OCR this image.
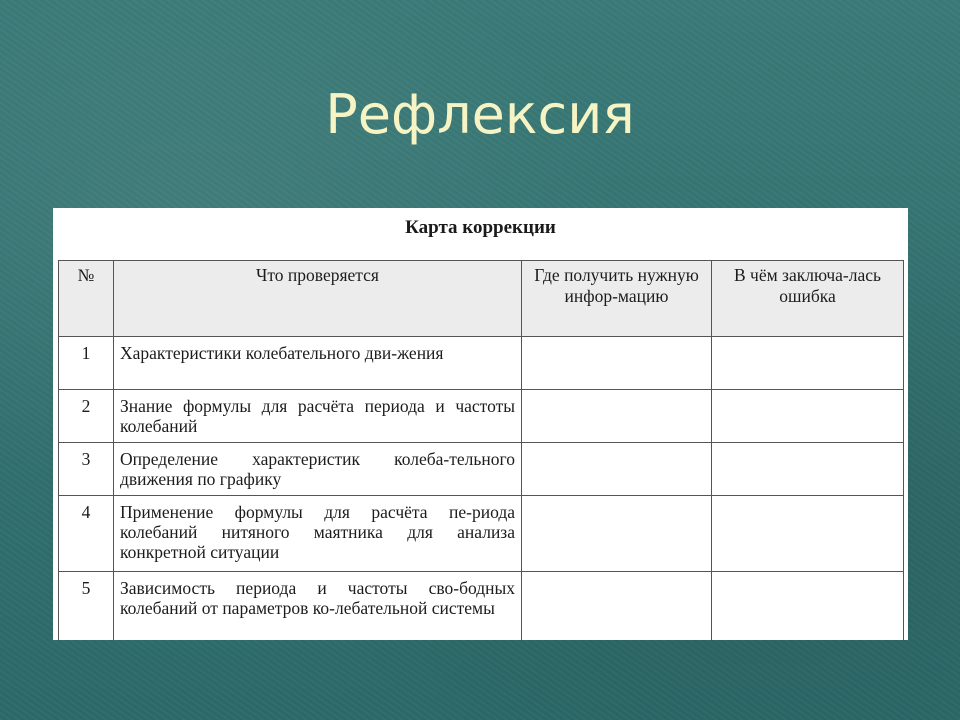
Рефлексия
Карта коррекции
№	Что проверяется	Где получить нужную инфор-мацию	В чём заключа-лась ошибка
1	Характеристики колебательного дви-жения		
2	Знание формулы для расчёта периода и частоты колебаний		
3	Определение характеристик колеба-тельного движения по графику		
4	Применение формулы для расчёта пе-риода колебаний нитяного маятника для анализа конкретной ситуации		
5	Зависимость периода и частоты сво-бодных колебаний от параметров ко-лебательной системы		
